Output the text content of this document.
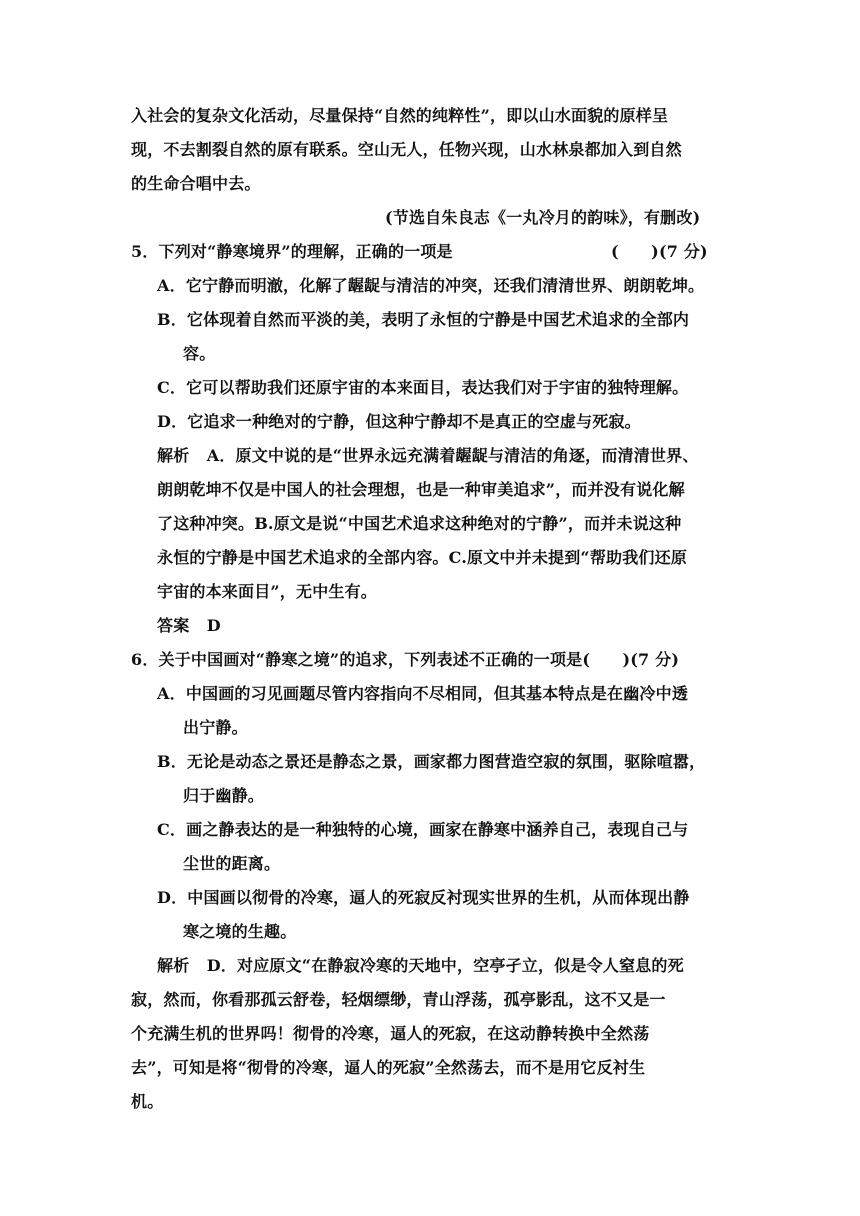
入社会的复杂文化活动，尽量保持“自然的纯粹性”，即以山水面貌的原样呈
现，不去割裂自然的原有联系。空山无人，任物兴现，山水林泉都加入到自然
的生命合唱中去。
(节选自朱良志《一丸冷月的韵味》，有删改)
5．下列对“静寒境界”的理解，正确的一项是	(　　)(7 分)
A．它宁静而明澈，化解了龌龊与清洁的冲突，还我们清清世界、朗朗乾坤。
B．它体现着自然而平淡的美，表明了永恒的宁静是中国艺术追求的全部内
容。
C．它可以帮助我们还原宇宙的本来面目，表达我们对于宇宙的独特理解。
D．它追求一种绝对的宁静，但这种宁静却不是真正的空虚与死寂。
解析 A．原文中说的是“世界永远充满着龌龊与清洁的角逐，而清清世界、
朗朗乾坤不仅是中国人的社会理想，也是一种审美追求”，而并没有说化解
了这种冲突。B.原文是说“中国艺术追求这种绝对的宁静”，而并未说这种
永恒的宁静是中国艺术追求的全部内容。C.原文中并未提到“帮助我们还原
宇宙的本来面目”，无中生有。
答案 D
6．关于中国画对“静寒之境”的追求，下列表述不正确的一项是(　　)(7 分)
A．中国画的习见画题尽管内容指向不尽相同，但其基本特点是在幽冷中透
出宁静。
B．无论是动态之景还是静态之景，画家都力图营造空寂的氛围，驱除喧嚣，
归于幽静。
C．画之静表达的是一种独特的心境，画家在静寒中涵养自己，表现自己与
尘世的距离。
D．中国画以彻骨的冷寒，逼人的死寂反衬现实世界的生机，从而体现出静
寒之境的生趣。
解析 D．对应原文“在静寂冷寒的天地中，空亭孑立，似是令人窒息的死
寂，然而，你看那孤云舒卷，轻烟缥缈，青山浮荡，孤亭影乱，这不又是一
个充满生机的世界吗！彻骨的冷寒，逼人的死寂，在这动静转换中全然荡
去”，可知是将“彻骨的冷寒，逼人的死寂”全然荡去，而不是用它反衬生
机。
